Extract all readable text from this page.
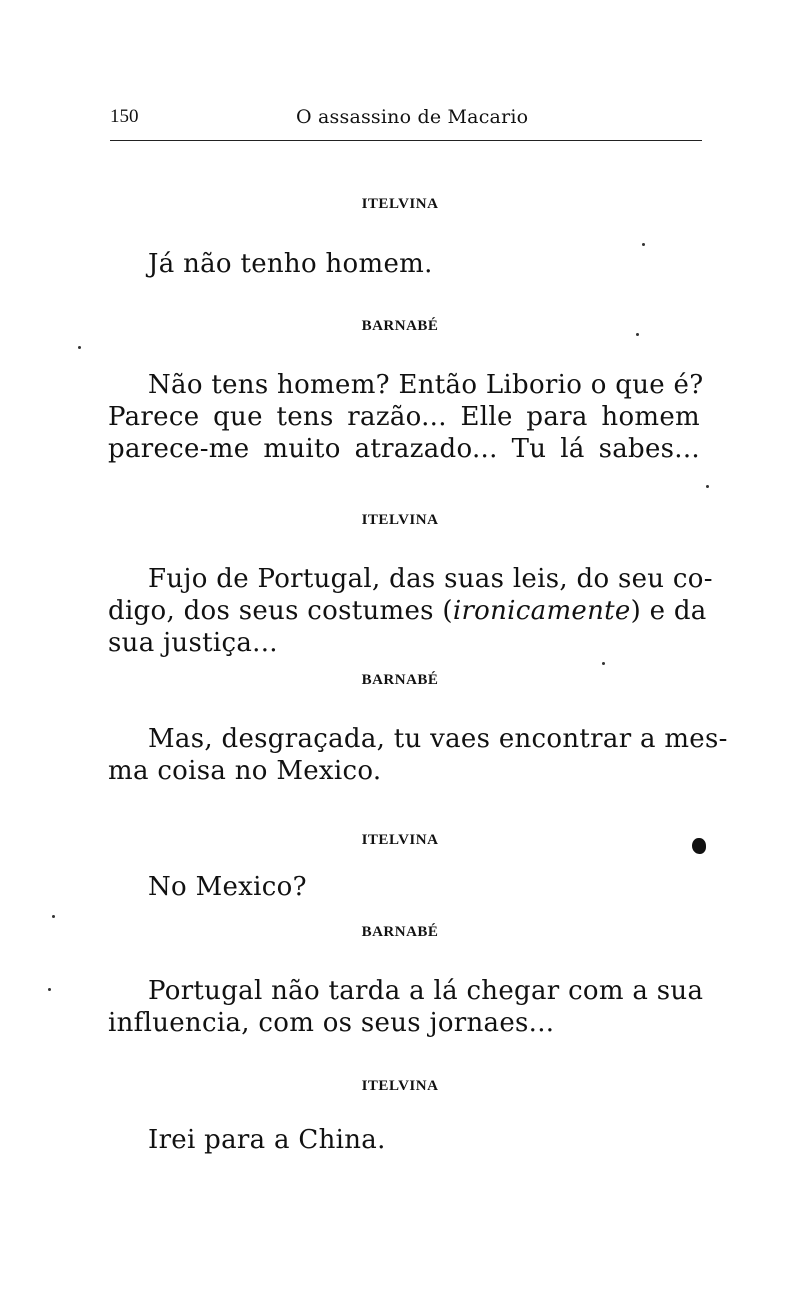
150	O assassino de Macario
ITELVINA
Já não tenho homem.
BARNABÉ
Não tens homem? Então Liborio o que é?
Parece que tens razão... Elle para homem
parece-me muito atrazado... Tu lá sabes...
ITELVINA
Fujo de Portugal, das suas leis, do seu co-
digo, dos seus costumes (ironicamente) e da
sua justiça...
BARNABÉ
Mas, desgraçada, tu vaes encontrar a mes-
ma coisa no Mexico.
ITELVINA
No Mexico?
BARNABÉ
Portugal não tarda a lá chegar com a sua
influencia, com os seus jornaes...
ITELVINA
Irei para a China.
